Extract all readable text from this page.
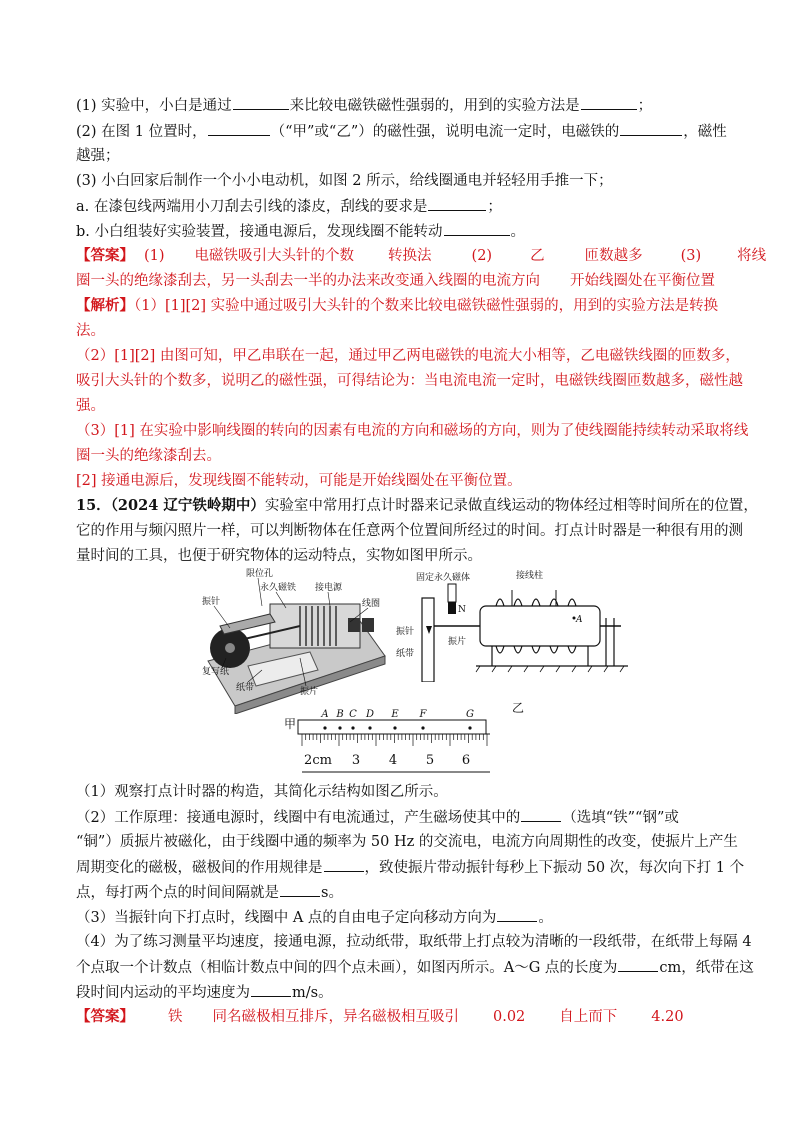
(1) 实验中，小白是通过	来比较电磁铁磁性强弱的，用到的实验方法是	；
(2) 在图 1 位置时，	（“甲”或“乙”）的磁性强，说明电流一定时，电磁铁的	，磁性
越强；
(3) 小白回家后制作一个小小电动机，如图 2 所示，给线圈通电并轻轻用手推一下；
a. 在漆包线两端用小刀刮去引线的漆皮，刮线的要求是	；
b. 小白组装好实验装置，接通电源后，发现线圈不能转动	。
【答案】 (1) 电磁铁吸引大头针的个数 转换法	(2)	乙	匝数越多	(3) 将线
圈一头的绝缘漆刮去，另一头刮去一半的办法来改变通入线圈的电流方向 开始线圈处在平衡位置
【解析】（1）[1][2] 实验中通过吸引大头针的个数来比较电磁铁磁性强弱的，用到的实验方法是转换
法。
（2）[1][2] 由图可知，甲乙串联在一起，通过甲乙两电磁铁的电流大小相等，乙电磁铁线圈的匝数多，
吸引大头针的个数多，说明乙的磁性强，可得结论为：当电流电流一定时，电磁铁线圈匝数越多，磁性越
强。
（3）[1] 在实验中影响线圈的转向的因素有电流的方向和磁场的方向，则为了使线圈能持续转动采取将线
圈一头的绝缘漆刮去。
[2] 接通电源后，发现线圈不能转动，可能是开始线圈处在平衡位置。
15．（2024 辽宁铁岭期中）实验室中常用打点计时器来记录做直线运动的物体经过相等时间所在的位置，
它的作用与频闪照片一样，可以判断物体在任意两个位置间所经过的时间。打点计时器是一种很有用的测
量时间的工具，也便于研究物体的运动特点，实物如图甲所示。
限位孔
永久磁铁 接电源
振针	线圈
复写纸
纸带	振片
甲
固定永久磁体	接线柱
N
振针
纸带
振片
A
乙
A B C D E F	G
2cm 3 4 5 6
（1）观察打点计时器的构造，其简化示结构如图乙所示。
（2）工作原理：接通电源时，线圈中有电流通过，产生磁场使其中的	（选填“铁”“钢”或
“铜”）质振片被磁化，由于线圈中通的频率为 50 Hz 的交流电，电流方向周期性的改变，使振片上产生
周期变化的磁极，磁极间的作用规律是	，致使振片带动振针每秒上下振动 50 次，每次向下打 1 个
点，每打两个点的时间间隔就是	s。
（3）当振针向下打点时，线圈中 A 点的自由电子定向移动方向为	。
（4）为了练习测量平均速度，接通电源，拉动纸带，取纸带上打点较为清晰的一段纸带，在纸带上每隔 4
个点取一个计数点（相临计数点中间的四个点未画），如图丙所示。A～G 点的长度为	cm，纸带在这
段时间内运动的平均速度为	m/s。
【答案】 铁 同名磁极相互排斥，异名磁极相互吸引 0.02 自上而下 4.20
